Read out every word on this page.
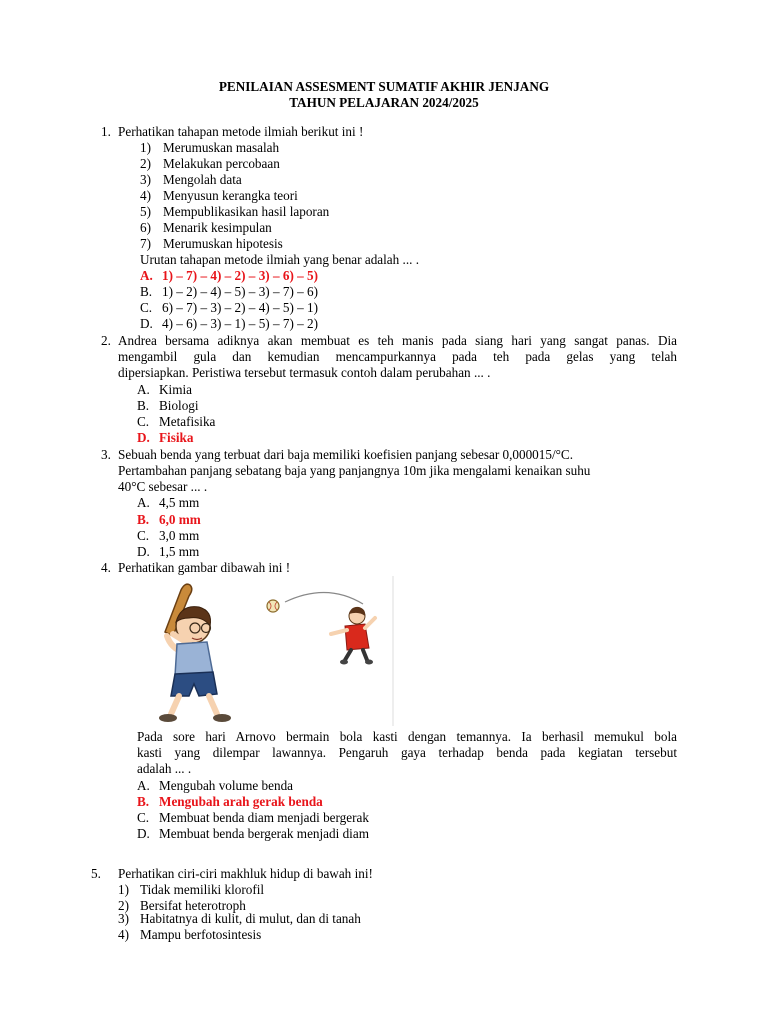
PENILAIAN ASSESMENT SUMATIF AKHIR JENJANG
TAHUN PELAJARAN 2024/2025
1. Perhatikan tahapan metode ilmiah berikut ini !
1) Merumuskan masalah
2) Melakukan percobaan
3) Mengolah data
4) Menyusun kerangka teori
5) Mempublikasikan hasil laporan
6) Menarik kesimpulan
7) Merumuskan hipotesis
Urutan tahapan metode ilmiah yang benar adalah ... .
A. 1) – 7) – 4) – 2) – 3) – 6) – 5)
B. 1) – 2) – 4) – 5) – 3) – 7) – 6)
C. 6) – 7) – 3) – 2) – 4) – 5) – 1)
D. 4) – 6) – 3) – 1) – 5) – 7) – 2)
2. Andrea bersama adiknya akan membuat es teh manis pada siang hari yang sangat panas. Dia
mengambil gula dan kemudian mencampurkannya pada teh pada gelas yang telah
dipersiapkan. Peristiwa tersebut termasuk contoh dalam perubahan ... .
A. Kimia
B. Biologi
C. Metafisika
D. Fisika
3. Sebuah benda yang terbuat dari baja memiliki koefisien panjang sebesar 0,000015/°C.
Pertambahan panjang sebatang baja yang panjangnya 10m jika mengalami kenaikan suhu
40°C sebesar ... .
A. 4,5 mm
B. 6,0 mm
C. 3,0 mm
D. 1,5 mm
4. Perhatikan gambar dibawah ini !
Pada sore hari Arnovo bermain bola kasti dengan temannya. Ia berhasil memukul bola
kasti yang dilempar lawannya. Pengaruh gaya terhadap benda pada kegiatan tersebut
adalah ... .
A. Mengubah volume benda
B. Mengubah arah gerak benda
C. Membuat benda diam menjadi bergerak
D. Membuat benda bergerak menjadi diam
5. Perhatikan ciri-ciri makhluk hidup di bawah ini!
1) Tidak memiliki klorofil
2) Bersifat heterotroph
3) Habitatnya di kulit, di mulut, dan di tanah
4) Mampu berfotosintesis
